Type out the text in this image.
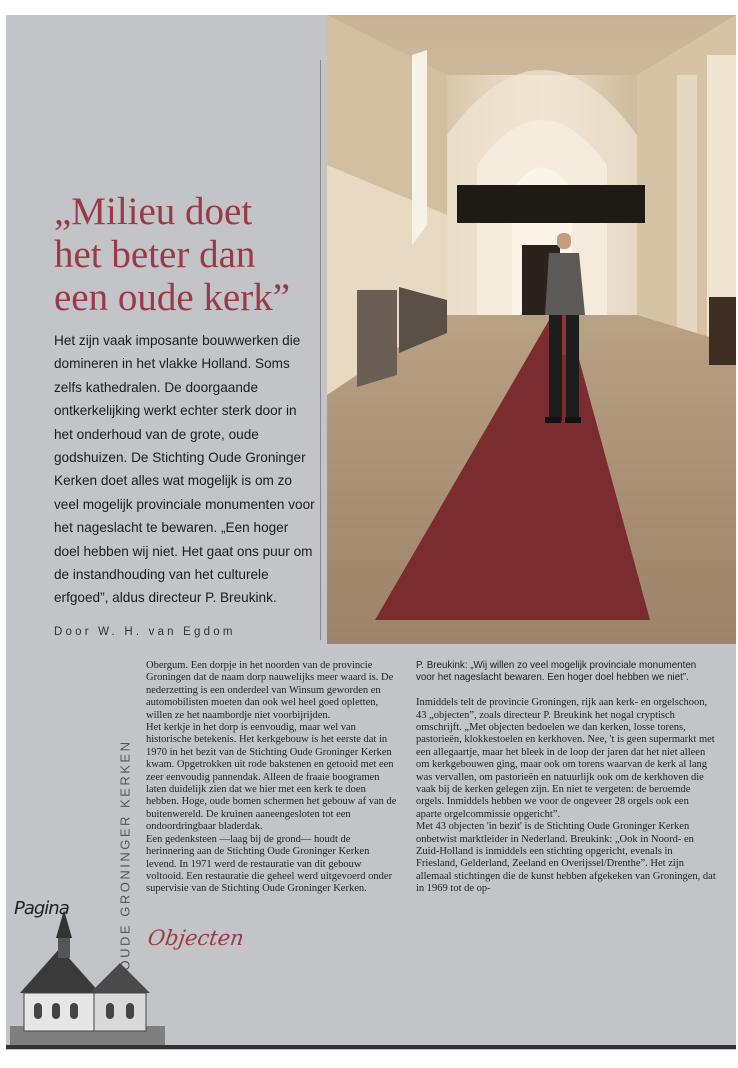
„Milieu doet
het beter dan
een oude kerk”

Het zijn vaak imposante bouwwerken die domineren in het vlakke Holland. Soms zelfs kathedralen. De doorgaande ontkerkelijking werkt echter sterk door in het onderhoud van de grote, oude godshuizen. De Stichting Oude Groninger Kerken doet alles wat mogelijk is om zo veel mogelijk provinciale monumenten voor het nageslacht te bewaren. „Een hoger doel hebben wij niet. Het gaat ons puur om de instandhouding van het culturele erfgoed”, aldus directeur P. Breukink.

Door W. H. van Egdom

Obergum. Een dorpje in het noorden van de provincie Groningen dat de naam dorp nauwelijks meer waard is. De nederzetting is een onderdeel van Winsum geworden en automobilisten moeten dan ook wel heel goed opletten, willen ze het naambordje niet voorbijrijden.

Het kerkje in het dorp is eenvoudig, maar wel van historische betekenis. Het kerkgebouw is het eerste dat in 1970 in het bezit van de Stichting Oude Groninger Kerken kwam. Opgetrokken uit rode bakstenen en getooid met een zeer eenvoudig pannendak. Alleen de fraaie boogramen laten duidelijk zien dat we hier met een kerk te doen hebben. Hoge, oude bomen schermen het gebouw af van de buitenwereld. De kruinen aaneengesloten tot een ondoordringbaar bladerdak.

Een gedenksteen —laag bij de grond— houdt de herinnering aan de Stichting Oude Groninger Kerken levend. In 1971 werd de restauratie van dit gebouw voltooid. Een restauratie die geheel werd uitgevoerd onder supervisie van de Stichting Oude Groninger Kerken.

P. Breukink: „Wij willen zo veel mogelijk provinciale monumenten voor het nageslacht bewaren. Een hoger doel hebben we niet”.

Inmiddels telt de provincie Groningen, rijk aan kerk- en orgelschoon, 43 „objecten”, zoals directeur P. Breukink het nogal cryptisch omschrijft. „Met objecten bedoelen we dan kerken, losse torens, pastorieën, klokkestoelen en kerkhoven. Nee, 't is geen supermarkt met een allegaartje, maar het bleek in de loop der jaren dat het niet alleen om kerkgebouwen ging, maar ook om torens waarvan de kerk al lang was vervallen, om pastorieën en natuurlijk ook om de kerkhoven die vaak bij de kerken gelegen zijn. En niet te vergeten: de beroemde orgels. Inmiddels hebben we voor de ongeveer 28 orgels ook een aparte orgelcommissie opgericht”.

Met 43 objecten 'in bezit' is de Stichting Oude Groninger Kerken onbetwist marktleider in Nederland. Breukink: „Ook in Noord- en Zuid-Holland is inmiddels een stichting opgericht, evenals in Friesland, Gelderland, Zeeland en Overijssel/Drenthe”. Het zijn allemaal stichtingen die de kunst hebben afgekeken van Groningen, dat in 1969 tot de op-

OUDE GRONINGER KERKEN Objecten
Pagina
